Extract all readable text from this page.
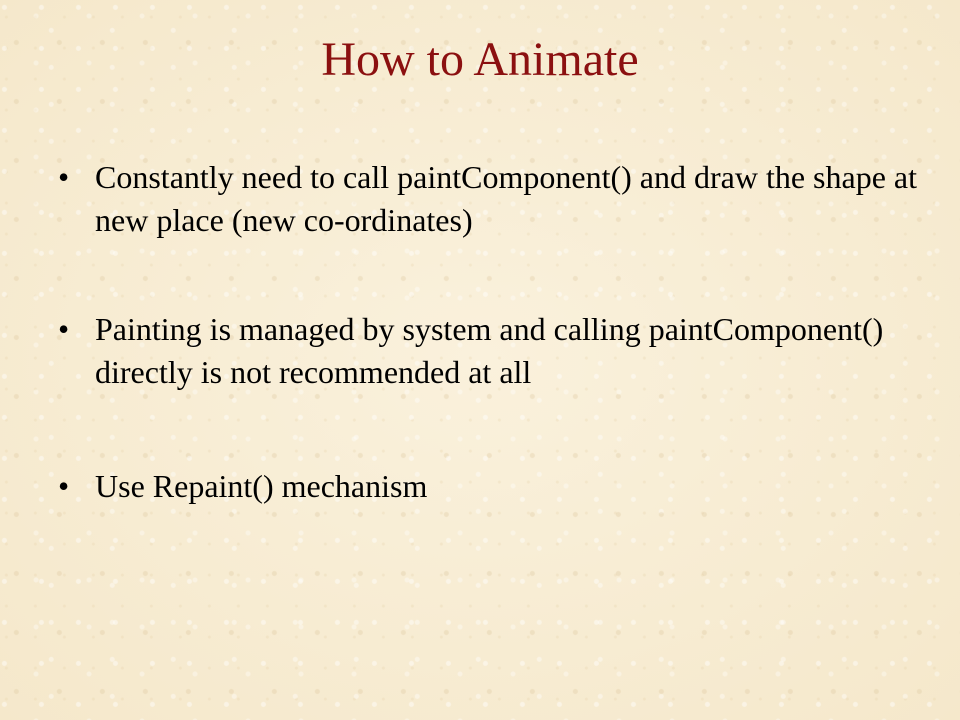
How to Animate
• Constantly need to call paintComponent() and draw the shape at new place (new co-ordinates)
• Painting is managed by system and calling paintComponent() directly is not recommended at all
• Use Repaint() mechanism
